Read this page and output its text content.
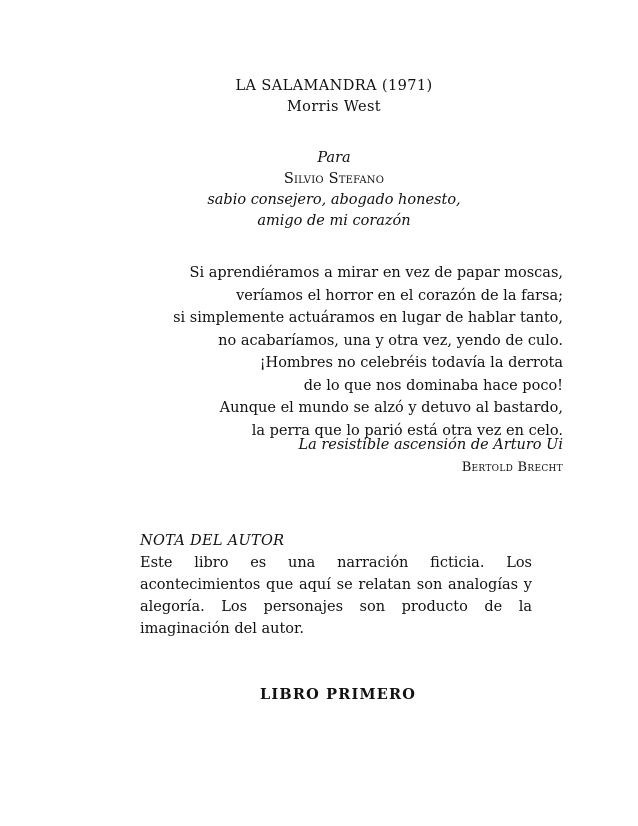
LA SALAMANDRA (1971)
Morris West
Para
Silvio Stefano
sabio consejero, abogado honesto,
amigo de mi corazón
Si aprendiéramos a mirar en vez de papar moscas,
veríamos el horror en el corazón de la farsa;
si simplemente actuáramos en lugar de hablar tanto,
no acabaríamos, una y otra vez, yendo de culo.
¡Hombres no celebréis todavía la derrota
de lo que nos dominaba hace poco!
Aunque el mundo se alzó y detuvo al bastardo,
la perra que lo parió está otra vez en celo.
La resistible ascensión de Arturo Ui
Bertold Brecht
NOTA DEL AUTOR
Este libro es una narración ficticia. Los acontecimientos que aquí se relatan son analogías y alegoría. Los personajes son producto de la imaginación del autor.
LIBRO PRIMERO
